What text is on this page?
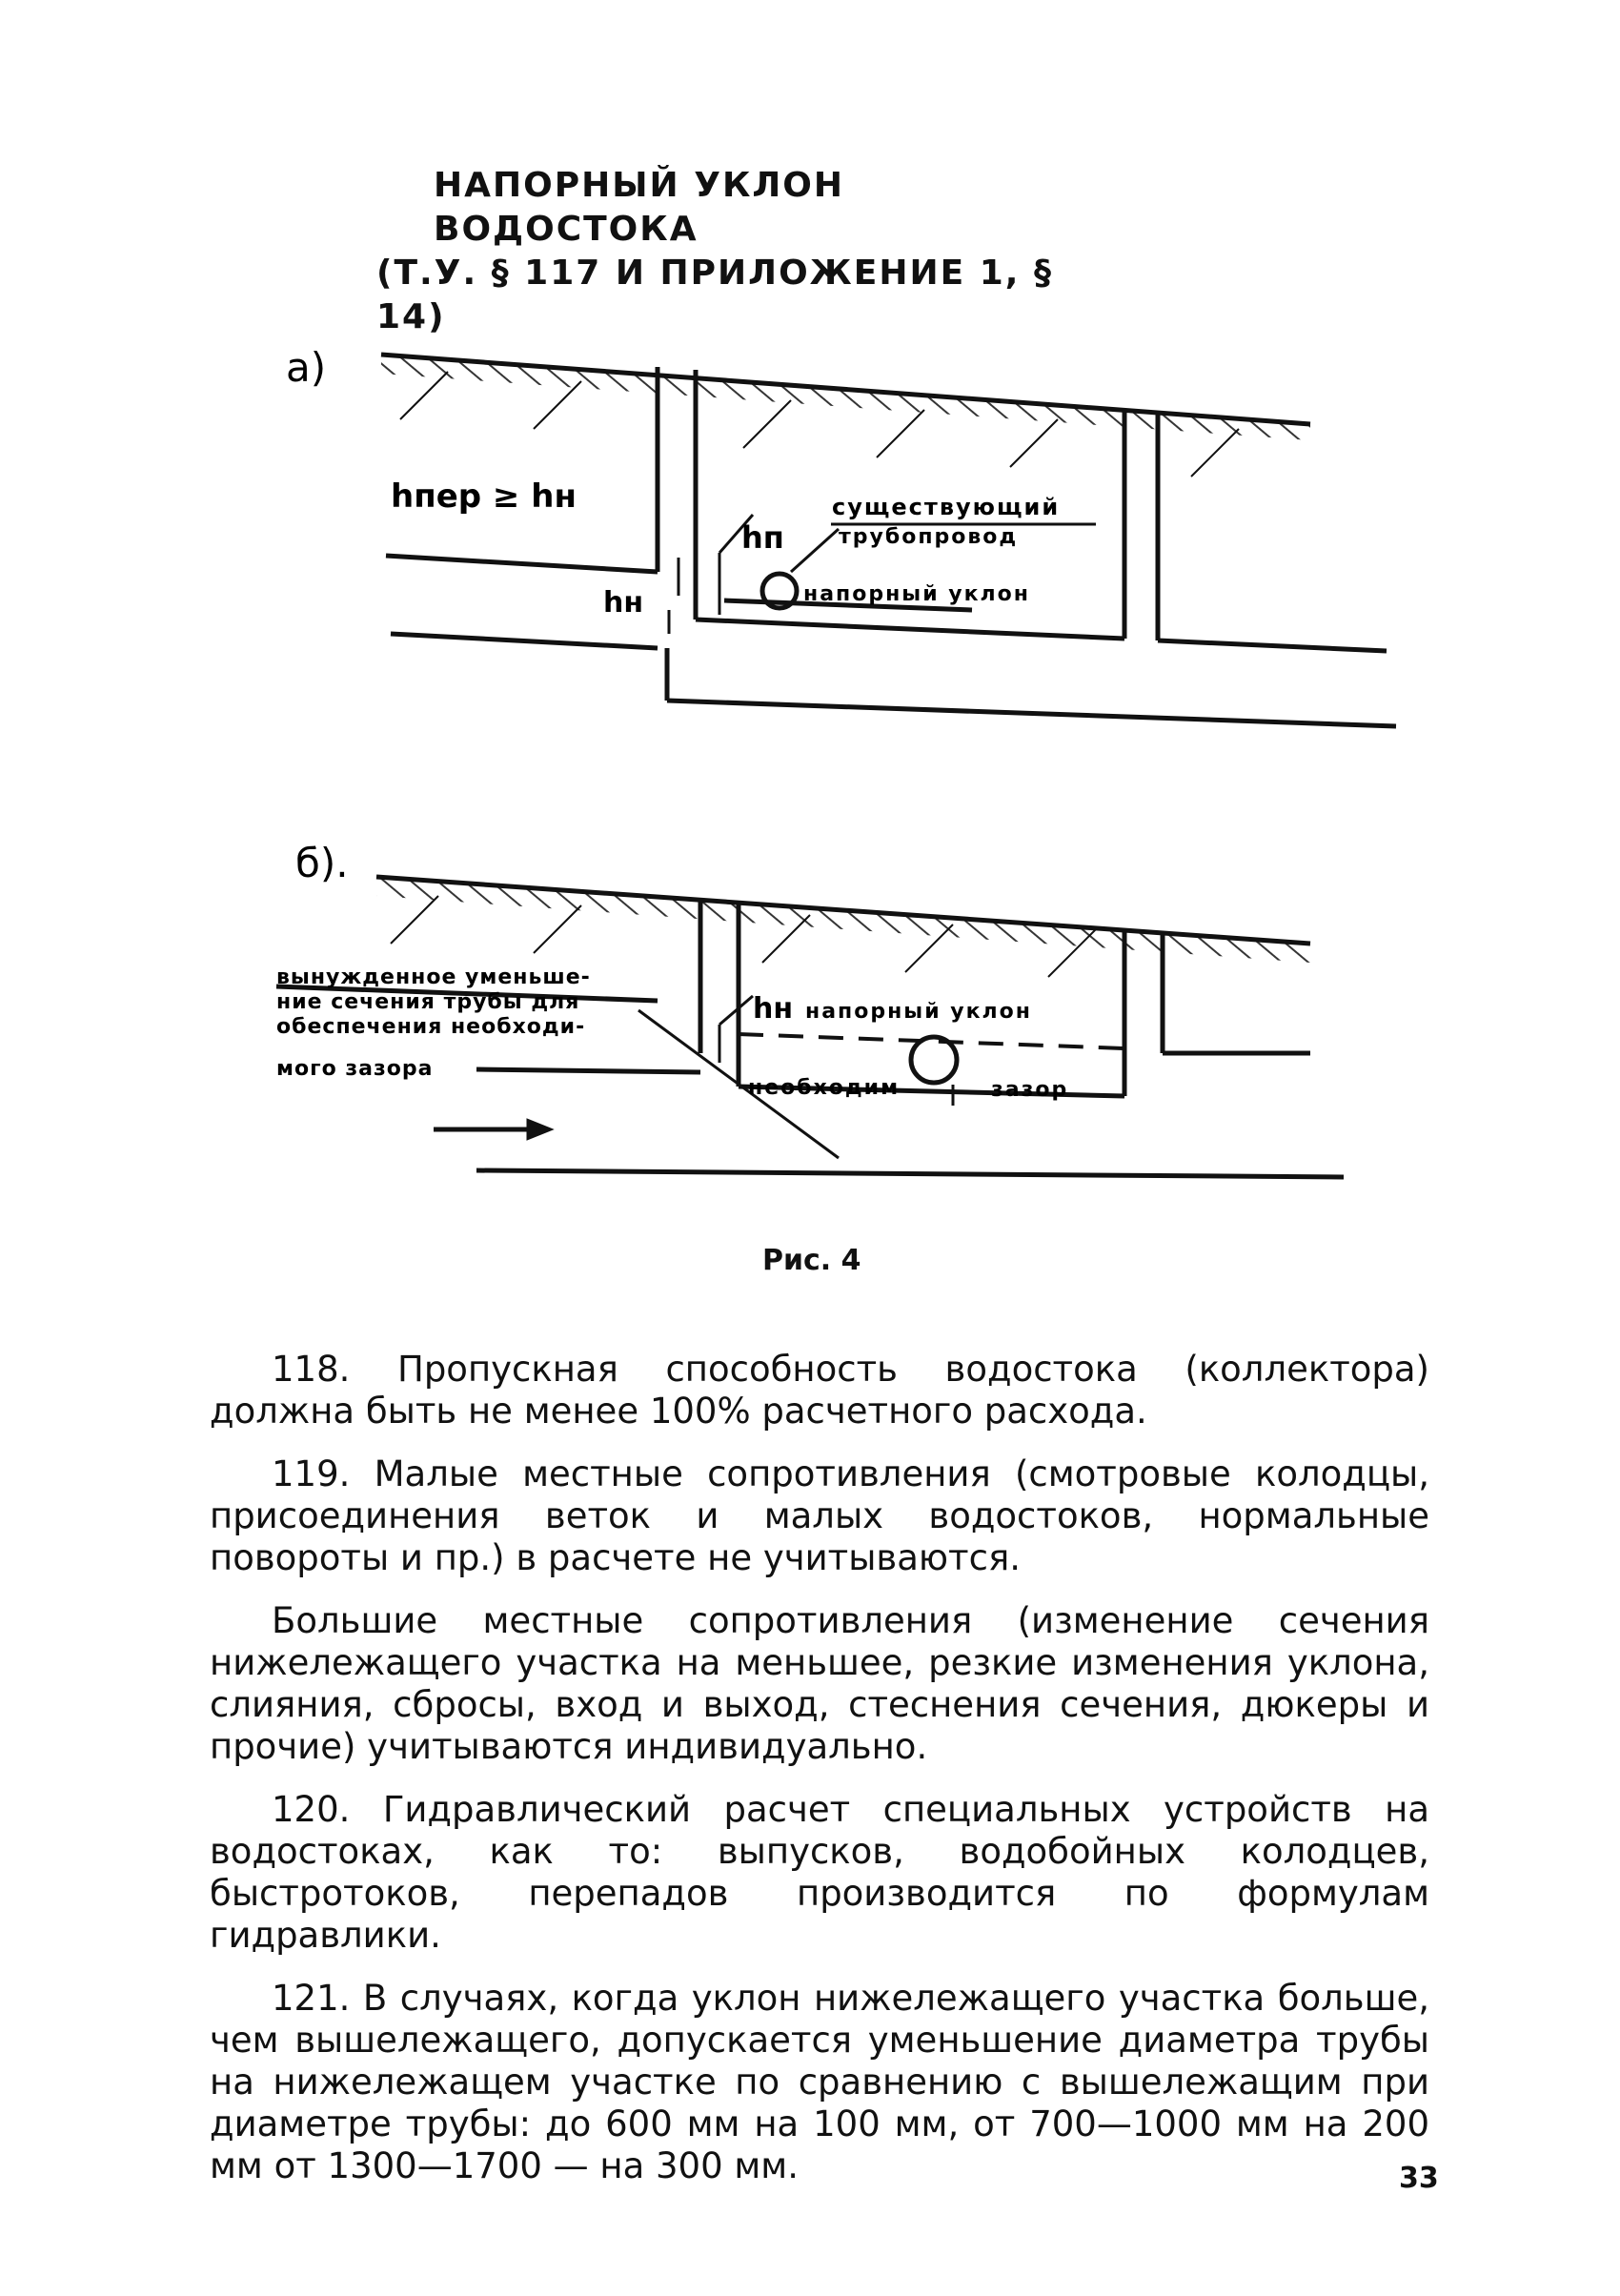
НАПОРНЫЙ УКЛОН ВОДОСТОКА
(Т.У. § 117 И ПРИЛОЖЕНИЕ 1, § 14)
а)
hпер ≥ hн	существующий
трубопровод
hп
hн	напорный уклон
б).
вынужденное уменьше-
ние сечения трубы для
обеспечения необходи-
мого зазора
hн напорный уклон
необходим	зазор
Рис. 4

118. Пропускная способность водостока (коллектора) должна быть не менее 100% расчетного расхода.

119. Малые местные сопротивления (смотровые колодцы, присоединения веток и малых водостоков, нормальные повороты и пр.) в расчете не учитываются.

Большие местные сопротивления (изменение сечения нижележащего участка на меньшее, резкие изменения уклона, слияния, сбросы, вход и выход, стеснения сечения, дюкеры и прочие) учитываются индивидуально.

120. Гидравлический расчет специальных устройств на водостоках, как то: выпусков, водобойных колодцев, быстротоков, перепадов производится по формулам гидравлики.

121. В случаях, когда уклон нижележащего участка больше, чем вышележащего, допускается уменьшение диаметра трубы на нижележащем участке по сравнению с вышележащим при диаметре трубы: до 600 мм на 100 мм, от 700—1000 мм на 200 мм от 1300—1700 — на 300 мм.	33
